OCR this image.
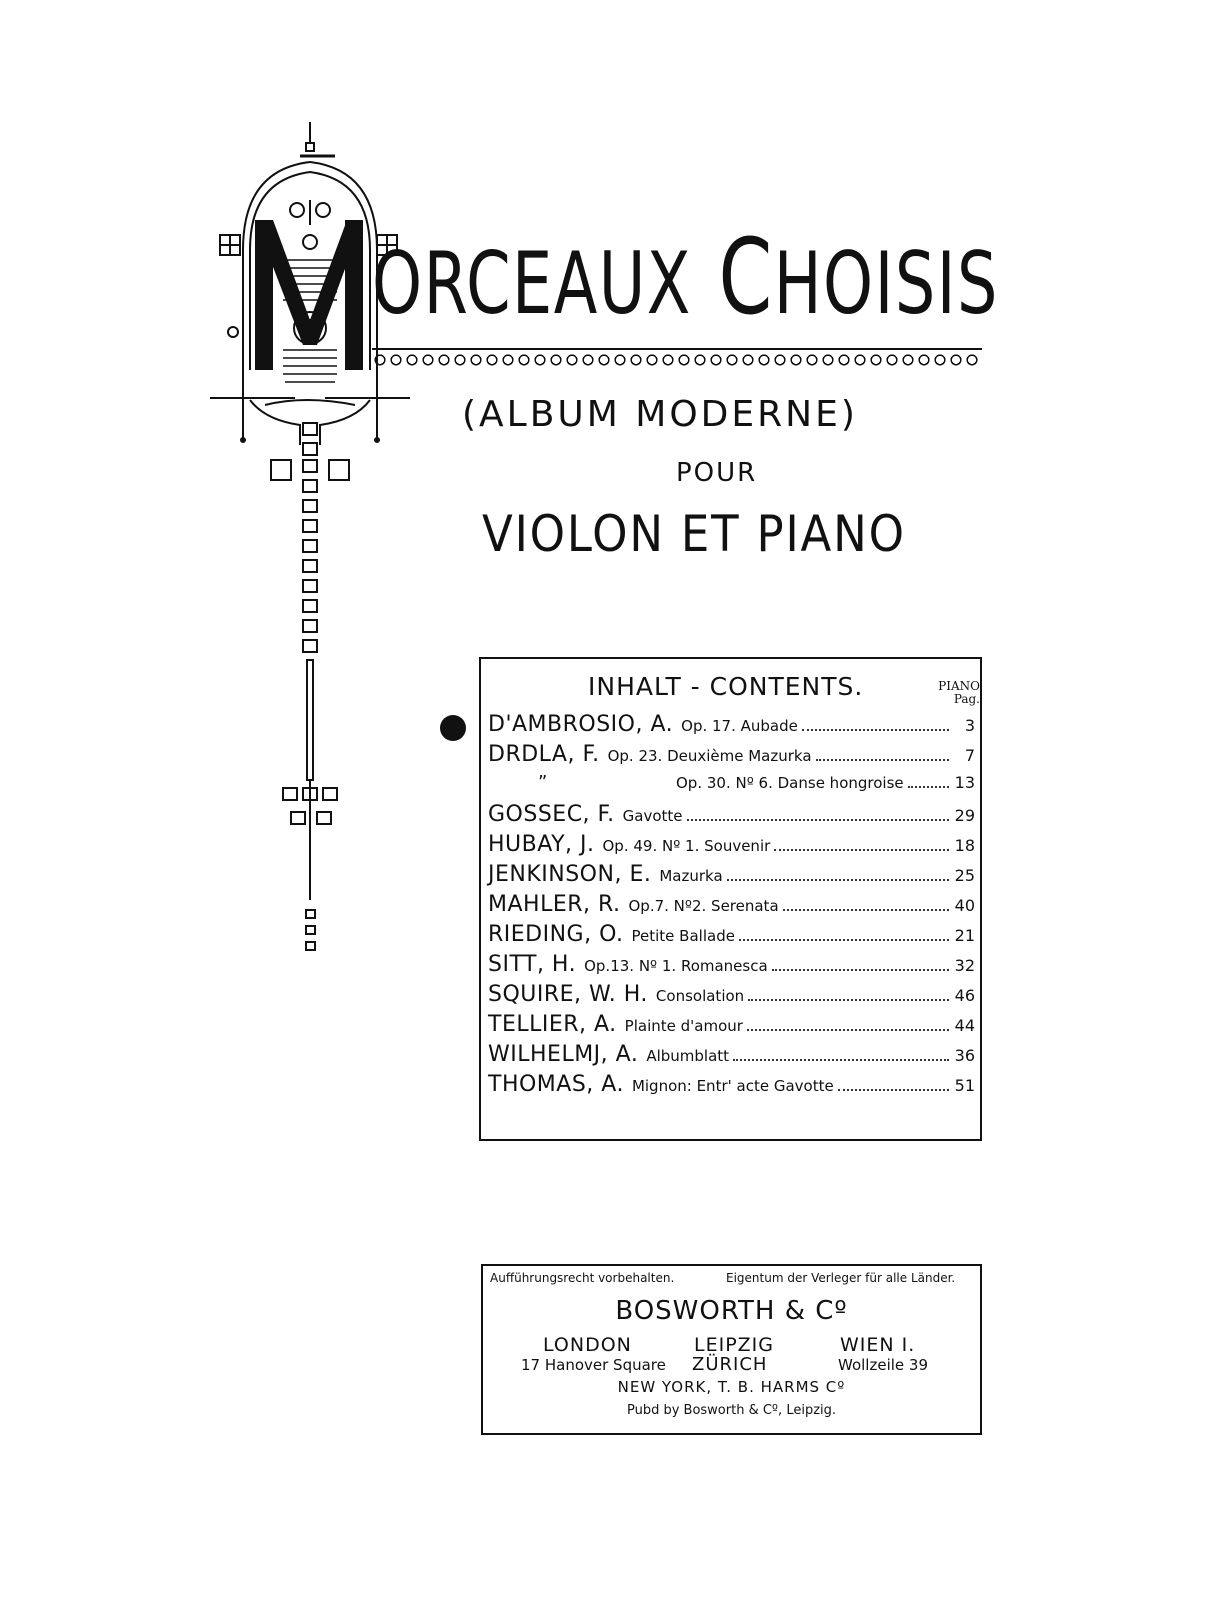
ORCEAUX CHOISIS
(ALBUM MODERNE)
POUR
VIOLON ET PIANO
INHALT - CONTENTS.	PIANO
Pag.
D'AMBROSIO, A. Op. 17. Aubade	3
DRDLA, F. Op. 23. Deuxième Mazurka	7
”	Op. 30. Nº 6. Danse hongroise	13
GOSSEC, F. Gavotte	29
HUBAY, J. Op. 49. Nº 1. Souvenir	18
JENKINSON, E. Mazurka	25
MAHLER, R. Op.7. Nº2. Serenata	40
RIEDING, O. Petite Ballade	21
SITT, H. Op.13. Nº 1. Romanesca	32
SQUIRE, W. H. Consolation	46
TELLIER, A. Plainte d'amour	44
WILHELMJ, A. Albumblatt	36
THOMAS, A. Mignon: Entr' acte Gavotte	51
Aufführungsrecht vorbehalten.	Eigentum der Verleger für alle Länder.
BOSWORTH & Cº
LONDON	LEIPZIG	WIEN I.
17 Hanover Square ZÜRICH	Wollzeile 39
NEW YORK, T. B. HARMS Cº
Pubd by Bosworth & Cº, Leipzig.
